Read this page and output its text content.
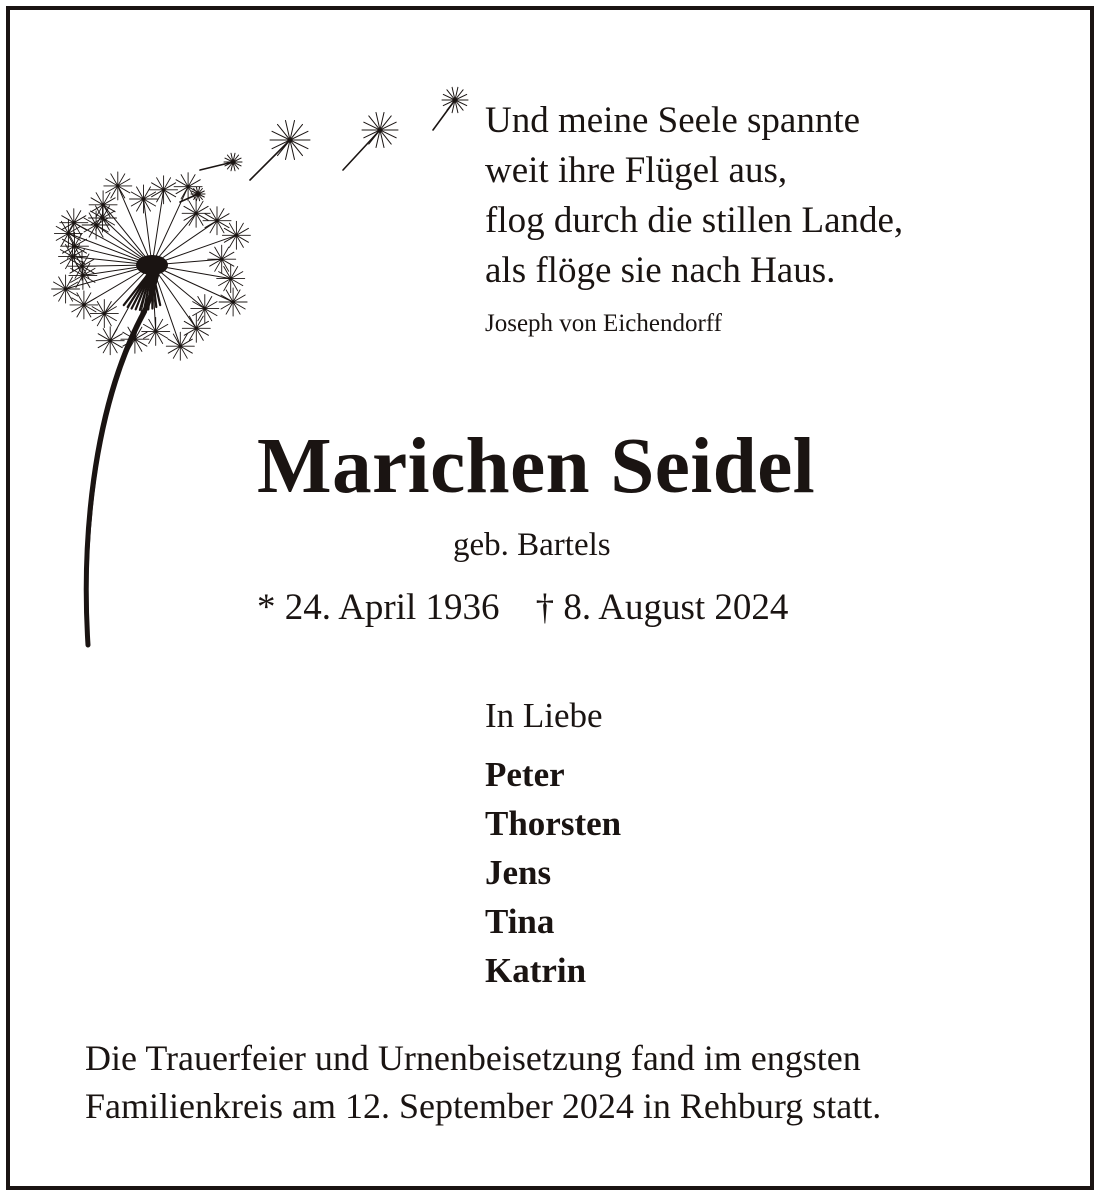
Und meine Seele spannte
weit ihre Flügel aus,
flog durch die stillen Lande,
als flöge sie nach Haus.
Joseph von Eichendorff
Marichen Seidel
geb. Bartels
* 24. April 1936 † 8. August 2024
In Liebe
Peter
Thorsten
Jens
Tina
Katrin
Die Trauerfeier und Urnenbeisetzung fand im engsten
Familienkreis am 12. September 2024 in Rehburg statt.
